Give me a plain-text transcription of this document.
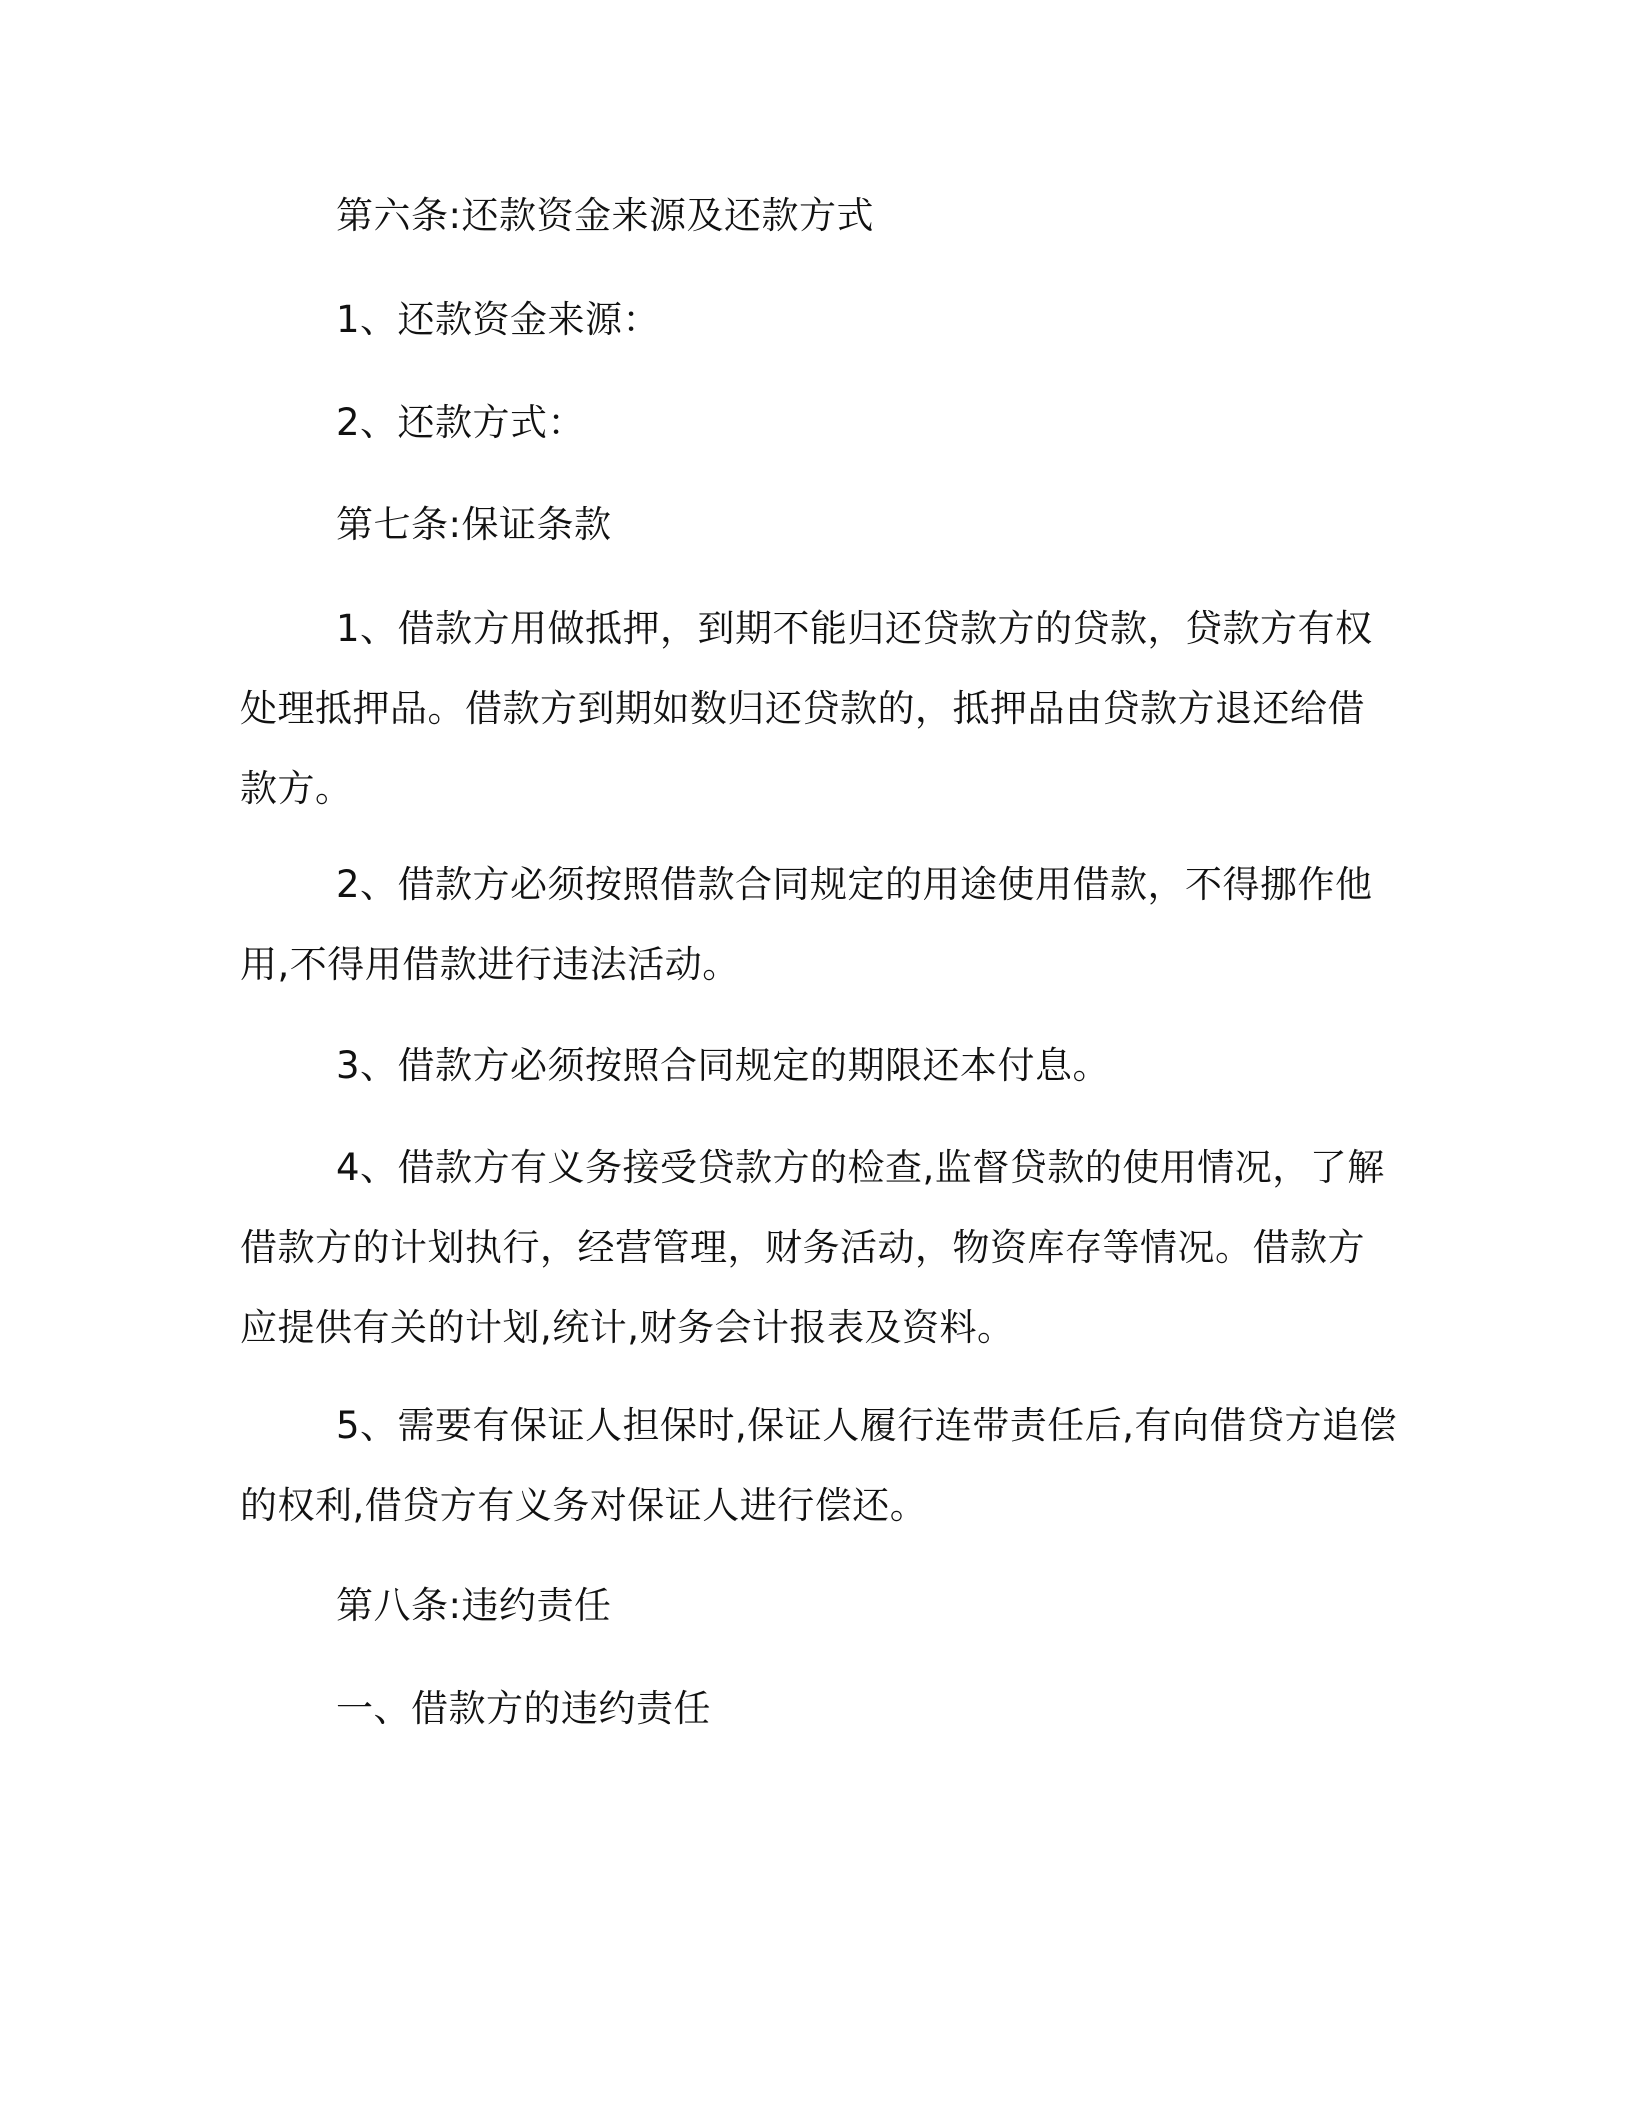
第六条:还款资金来源及还款方式

1、还款资金来源：

2、还款方式：

第七条:保证条款

1、借款方用做抵押，到期不能归还贷款方的贷款，贷款方有权处理抵押品。借款方到期如数归还贷款的，抵押品由贷款方退还给借款方。

2、借款方必须按照借款合同规定的用途使用借款，不得挪作他用,不得用借款进行违法活动。

3、借款方必须按照合同规定的期限还本付息。

4、借款方有义务接受贷款方的检查,监督贷款的使用情况，了解借款方的计划执行，经营管理，财务活动，物资库存等情况。借款方应提供有关的计划,统计,财务会计报表及资料。

5、需要有保证人担保时,保证人履行连带责任后,有向借贷方追偿的权利,借贷方有义务对保证人进行偿还。

第八条:违约责任

一、借款方的违约责任
